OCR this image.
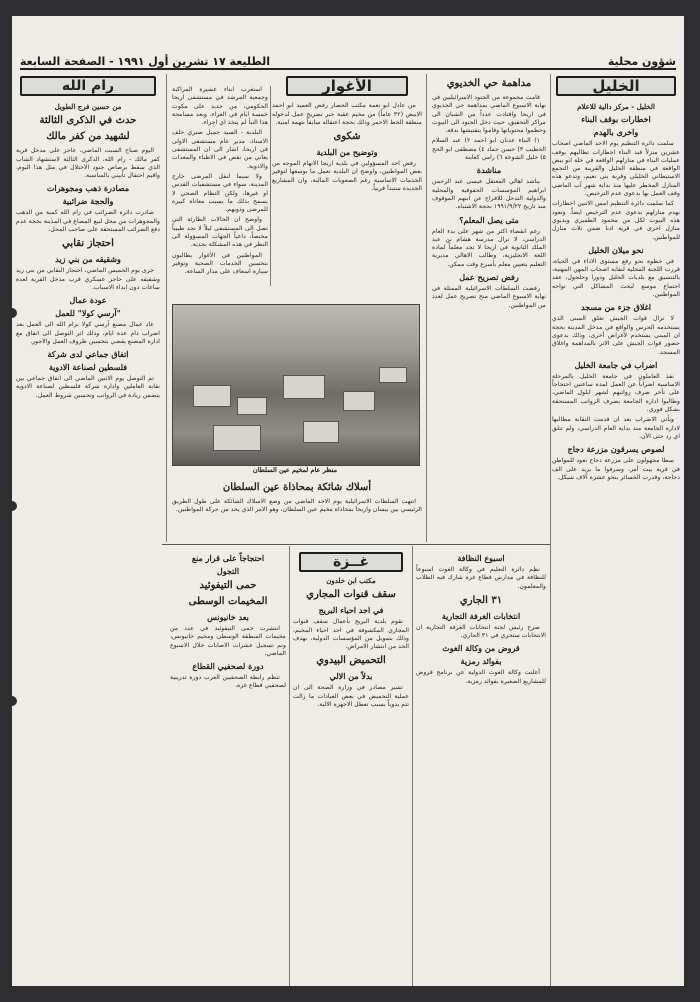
شؤون محلية
الطليعة ١٧ تشرين أول ١٩٩١ - الصفحة السابعة
الخليل
الخليل - مركز دالية للاعلام
اخطارات بوقف البناء
واخرى بالهدم

سلمت دائرة التنظيم يوم الاحد الماضي اصحاب عشرين منزلاً قيد البناء اخطارات تطالبهم بوقف عمليات البناء في منازلهم الواقعة في خلة ابو بيض الواقعة في منطقة الخليل والقريبة من التجمع الاستيطاني الخليلي وقرية بني نعيم، وتدعو هذه المنازل المخطر عليها منذ بداية شهر آب الماضي وقف العمل بها بدعوى عدم الترخيص.

كما سلمت دائرة التنظيم امس الاثنين اخطارات بهدم منازلهم بدعوى عدم الترخيص ايضاً. وتعود هذه البيوت لكل من محمود الطميزي وبديوي منازل اخرى في قرية اذنا ضمن ثلاث منازل للمواطنين.

نحو ميلان الخليل

في خطوة نحو رفع مستوى الاداء في الحياة، قررت اللجنة المحلية لنقابة اصحاب المهن المهنية، بالتنسيق مع بلديات الخليل ودورا وحلحول، عقد اجتماع موسع لبحث المشاكل التي تواجه المواطنين.

اغلاق جزء من مسجد

لا تزال قوات الجيش تغلق المبنى الذي يستخدمه الحرس والواقع في مدخل المدينة بحجة ان المبنى يستخدم لأغراض أخرى، وذلك بدعوى حضور قوات الجيش على الاثر بالمداهمة واغلاق المسجد.

اضراب في جامعة الخليل

نفذ العاملون في جامعة الخليل بالمرحلة الاساسية اضراباً عن العمل لمدة ساعتين احتجاجاً على تأخر صرف رواتبهم لشهر ايلول الماضي، وطالبوا ادارة الجامعة بصرف الرواتب المستحقة بشكل فوري.

ويأتي الاضراب بعد ان قدمت النقابة مطالبها لادارة الجامعة منذ بداية العام الدراسي، ولم تتلق اي رد حتى الآن.

لصوص يسرقون مزرعة دجاج

سطا مجهولون على مزرعة دجاج تعود للمواطن في قرية بيت أمر، وسرقوا ما يزيد على الف دجاجة، وقدرت الخسائر بنحو عشرة آلاف شيكل.

مداهمة حي الخديوي

قامت مجموعة من الجنود الاسرائيليين في نهاية الاسبوع الماضي بمداهمة حي الخديوي في اريحا واقتادت عدداً من الشبان الى مراكز التحقيق، حيث دخل الجنود الى البيوت وحطموا محتوياتها وقاموا بتفتيشها بدقة.

١) البناء عدنان ابو احمد ٢) عبد السلام الخطيب ٣) حسن حماد ٤) مصطفى ابو الحج ٥) خليل الشوعة ٦) رامي كعابنة

مناشدة

يناشد اهالي المعتقل عيسى عبد الرحمن ابراهيم المؤسسات الحقوقية والمحلية والدولية التدخل للافراج عن ابنهم الموقوف منذ تاريخ ١٩٩١/٩/٢٢ بحجة الاشتباه.

متى يصل المعلم؟

رغم انقضاء اكثر من شهر على بدء العام الدراسي، لا تزال مدرسة هشام بن عبد الملك الثانوية في اريحا لا تجد معلماً لمادة اللغة الانجليزية، وطالب الاهالي مديرية التعليم بتعيين معلم بأسرع وقت ممكن.

رفض تصريح عمل

رفضت السلطات الاسرائيلية الممثلة في نهاية الاسبوع الماضي منح تصريح عمل لعدد من المواطنين.

الأغوار

من عادل ابو نعمة مكتب الحصار رفض العميد ابو احمد الابيض (٣٢ عاماً) من مخيم عقبة جبر تصريح عمل لدخوله منطقة الخط الاحمر وذلك بحجة اعتقاله سابقاً بتهمة امنية.

شكوى
وتوضيح من البلدية

رفض احد المسؤولين في بلدية اريحا الاتهام الموجه من بعض المواطنين، واوضح ان البلدية تعمل ما بوسعها لتوفير الخدمات الاساسية رغم الصعوبات المالية، وان المشاريع الجديدة ستبدأ قريباً.

استغرب ابناء عشيرة المراكبة وجمعية المرشد في مستشفى اريحا الحكومي، من جديد على مكوث خمسة ايام في العراء، وبعد مسامحة هذا النبأ لم يتخذ اي اجراء.

البلدية - السيد جميل صبري خلف الاستاذ، مدير عام مستشفى الاولى في اريحا، اشار الى ان المستشفى يعاني من نقص في الاطباء والمعدات والادوية.

ولا سيما لنقل المرضى خارج المدينة، سواء في مستشفيات القدس او غيرها، ولكن النظام الصحي لا يسمح بذلك ما يسبب معاناة كبيرة للمرضى وذويهم.

واوضح ان الحالات الطارئة التي تصل الى المستشفى ليلاً لا تجد طبيباً مختصاً، داعياً الجهات المسؤولة الى النظر في هذه المشكلة بجدية.

المواطنين في الأغوار يطالبون بتحسين الخدمات الصحية وتوفير سيارة اسعاف على مدار الساعة.

منظر عام لمخيم عين السلطان
أسلاك شائكة بمحاذاة عين السلطان

انتهت السلطات الاسرائيلية يوم الاحد الماضي من وضع الاسلاك الشائكة على طول الطريق الرئيسي بين بيسان واريحا بمحاذاة مخيم عين السلطان، وهو الامر الذي يحد من حركة المواطنين.

رام الله
من حسين فرج الطويل
حدث في الذكرى الثالثة
لشهيد من كفر مالك

اليوم صباح السبت الماضي، عاجز على مدخل قرية كفر مالك - رام الله، الذكرى الثالثة لاستشهاد الشاب الذي سقط برصاص جنود الاحتلال في مثل هذا اليوم، واقيم احتفال تأبيني بالمناسبة.

مصادرة ذهب ومجوهرات
والحجة ضرائبية

صادرت دائرة الضرائب في رام الله كمية من الذهب والمجوهرات من محل لبيع المصاغ في المدينة بحجة عدم دفع الضرائب المستحقة على صاحب المحل.

احتجاز نقابي
وشقيقه من بني زيد

جرى يوم الخميس الماضي، احتجاز النقابي من بني زيد وشقيقه على حاجز عسكري قرب مدخل القرية لعدة ساعات دون ابداء الاسباب.

عودة عمال
"آرسي كولا" للعمل

عاد عمال مصنع آرسي كولا برام الله الى العمل بعد اضراب دام عدة ايام، وذلك اثر التوصل الى اتفاق مع ادارة المصنع يقضي بتحسين ظروف العمل والاجور.

اتفاق جماعي لدى شركة
فلسطين لصناعة الادوية

تم التوصل يوم الاثنين الماضي الى اتفاق جماعي بين نقابة العاملين وادارة شركة فلسطين لصناعة الادوية يتضمن زيادة في الرواتب وتحسين شروط العمل.

غــزة
مكتب ابن خلدون
سقف قنوات المجاري
في احد احياء البريج

تقوم بلدية البريج بأعمال سقف قنوات المجاري المكشوفة في احد احياء المخيم، وذلك بتمويل من المؤسسات الدولية، بهدف الحد من انتشار الامراض.

التحميض البيدوي
بدلاً من الالي

تشير مصادر في وزارة الصحة الى ان عملية التحميض في بعض العيادات ما زالت تتم يدوياً بسبب تعطل الاجهزة الالية.

اسبوع النظافة

نظم دائرة التعليم في وكالة الغوث اسبوعاً للنظافة في مدارس قطاع غزة شارك فيه الطلاب والمعلمون.

٣١ الجاري
انتخابات الغرفة التجارية

صرح رئيس لجنة انتخابات الغرفة التجارية ان الانتخابات ستجري في ٣١ الجاري.

قروض من وكالة الغوث
بفوائد رمزية

أعلنت وكالة الغوث الدولية عن برنامج قروض للمشاريع الصغيرة بفوائد رمزية.

احتجاجاً على قرار منع
التجول
حمى التيفوئيد
المخيمات الوسطى
بعد خانيونس

انتشرت حمى التيفوئيد في عدد من مخيمات المنطقة الوسطى ومخيم خانيونس، وتم تسجيل عشرات الاصابات خلال الاسبوع الماضي.

دورة لصحفيي القطاع

تنظم رابطة الصحفيين العرب دورة تدريبية لصحفيي قطاع غزة.
